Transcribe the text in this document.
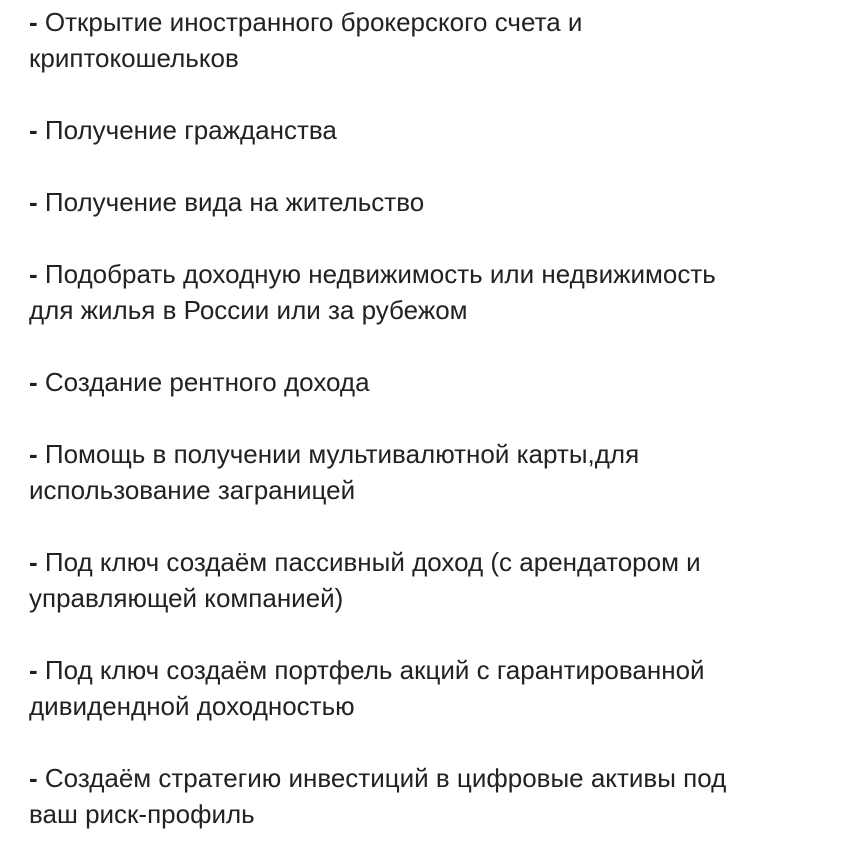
- Открытие иностранного брокерского счета и
криптокошельков
- Получение гражданства
- Получение вида на жительство
- Подобрать доходную недвижимость или недвижимость
для жилья в России или за рубежом
- Создание рентного дохода
- Помощь в получении мультивалютной карты,для
использование заграницей
- Под ключ создаём пассивный доход (с арендатором и
управляющей компанией)
- Под ключ создаём портфель акций с гарантированной
дивидендной доходностью
- Создаём стратегию инвестиций в цифровые активы под
ваш риск-профиль
